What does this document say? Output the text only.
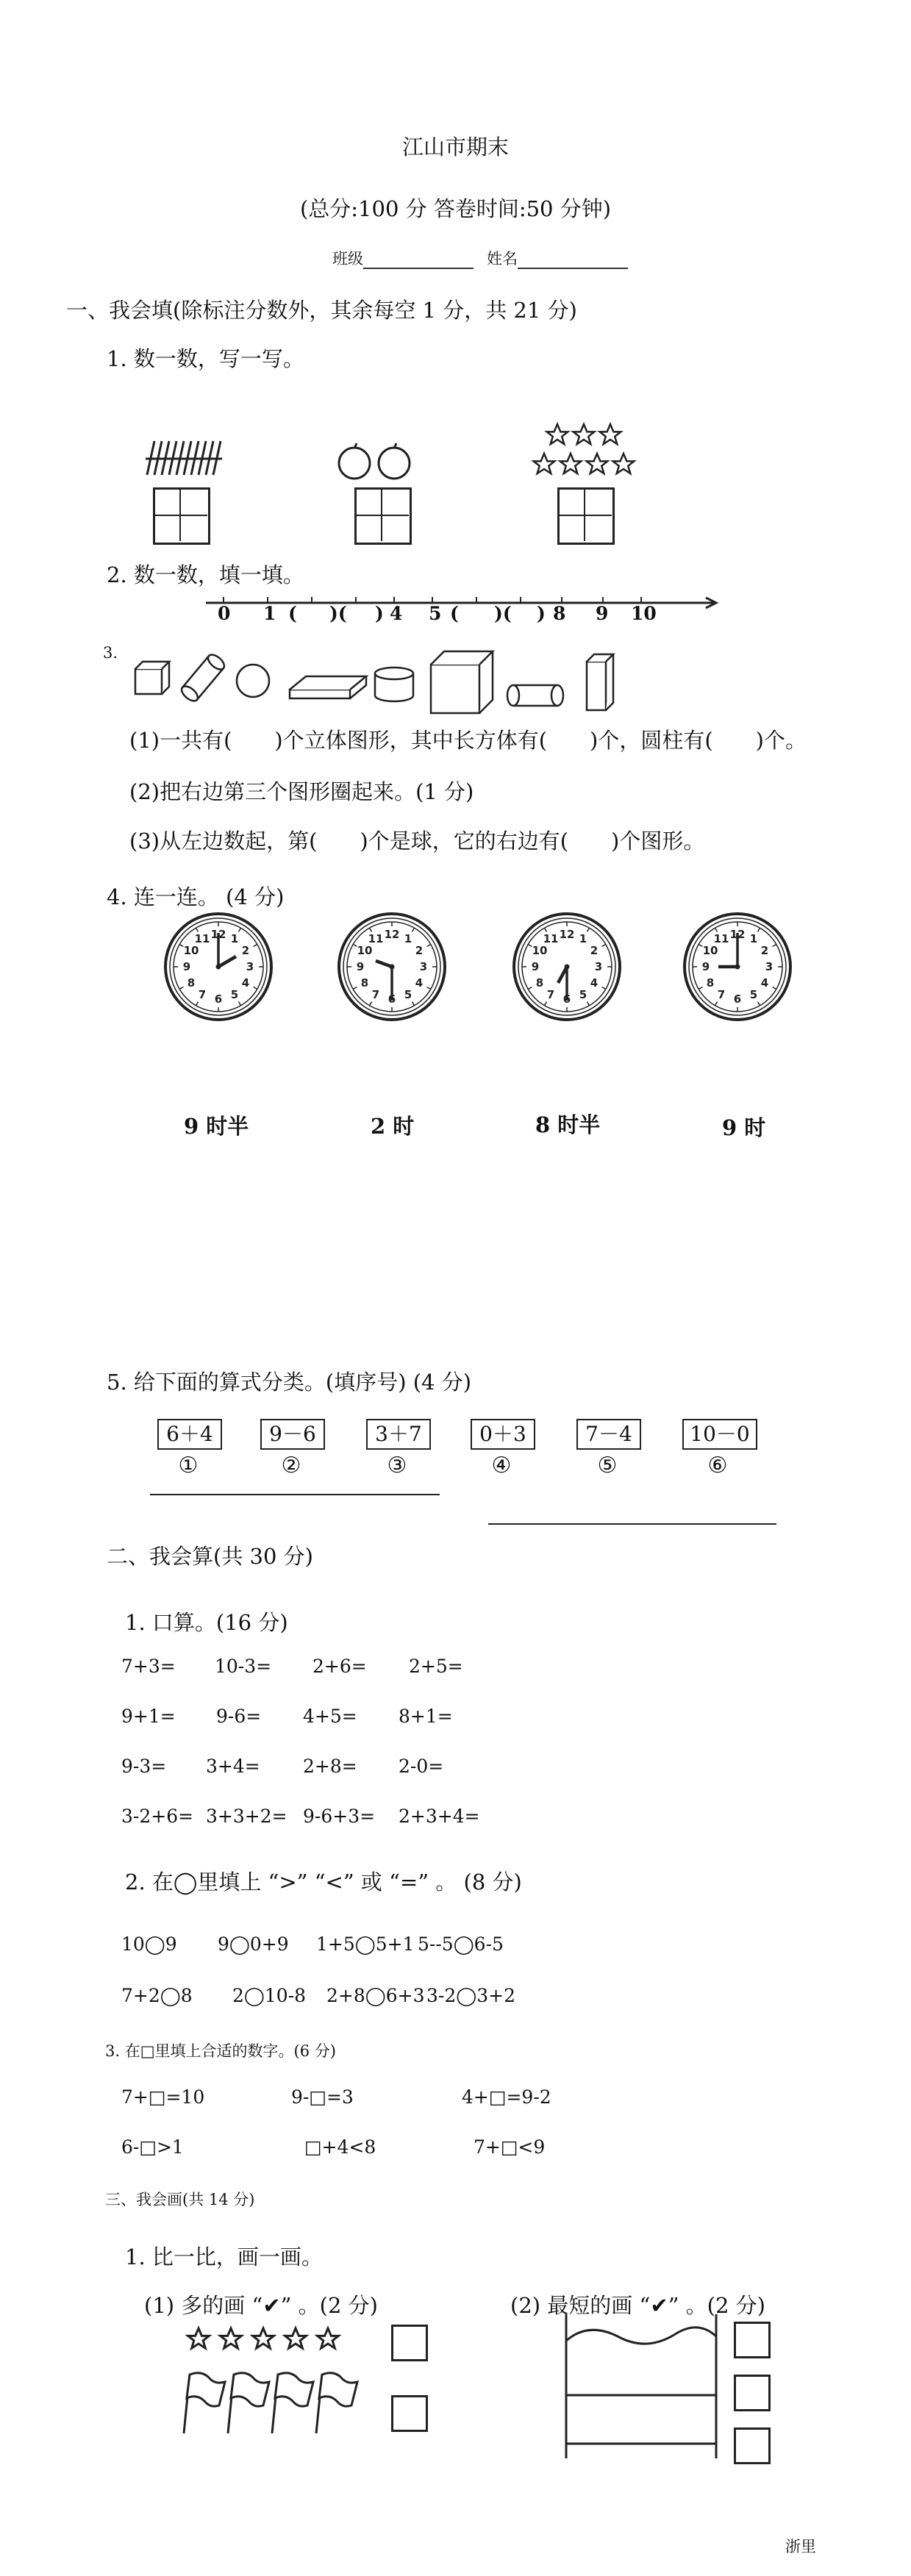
江山市期末
(总分:100 分 答卷时间:50 分钟)
班级	姓名
一、我会填(除标注分数外，其余每空 1 分，共 21 分)
1. 数一数，写一写。
2. 数一数，填一填。
0 1 ( )( ) 4 5 ( )( ) 8 9 10
3.
(1)一共有(　　)个立体图形，其中长方体有(　　)个，圆柱有(　　)个。
(2)把右边第三个图形圈起来。(1 分)
(3)从左边数起，第(　　)个是球，它的右边有(　　)个图形。
4. 连一连。 (4 分)
12 1
2
3
4
5
6
7
8
9
10
11	12 1
2
3
4
5
6
7
8
9
10
11	12 1
2
3
4
5
6
7
8
9
10
11	12 1
2
3
4
5
6
7
8
9
10
11
9 时半	2 时	8 时半	9 时
5. 给下面的算式分类。(填序号) (4 分)
6＋4	9－6	3＋7	0＋3	7－4	10－0
①	②	③	④	⑤	⑥
二、我会算(共 30 分)
1. 口算。(16 分)
7+3= 10-3= 2+6= 2+5=
9+1= 9-6= 4+5= 8+1=
9-3= 3+4= 2+8= 2-0=
3-2+6= 3+3+2= 9-6+3= 2+3+4=
2. 在◯里填上 “>” “<” 或 “=” 。 (8 分)
10◯9 9◯0+9 1+5◯5+1 5--5◯6-5
7+2◯8 2◯10-8 2+8◯6+3 3-2◯3+2
3. 在□里填上合适的数字。(6 分)
7+□=10	9-□=3	4+□=9-2
6-□>1	□+4<8	7+□<9
三、我会画(共 14 分)
1. 比一比，画一画。
(1) 多的画 “✔” 。(2 分)	(2) 最短的画 “✔” 。(2 分)
浙里
